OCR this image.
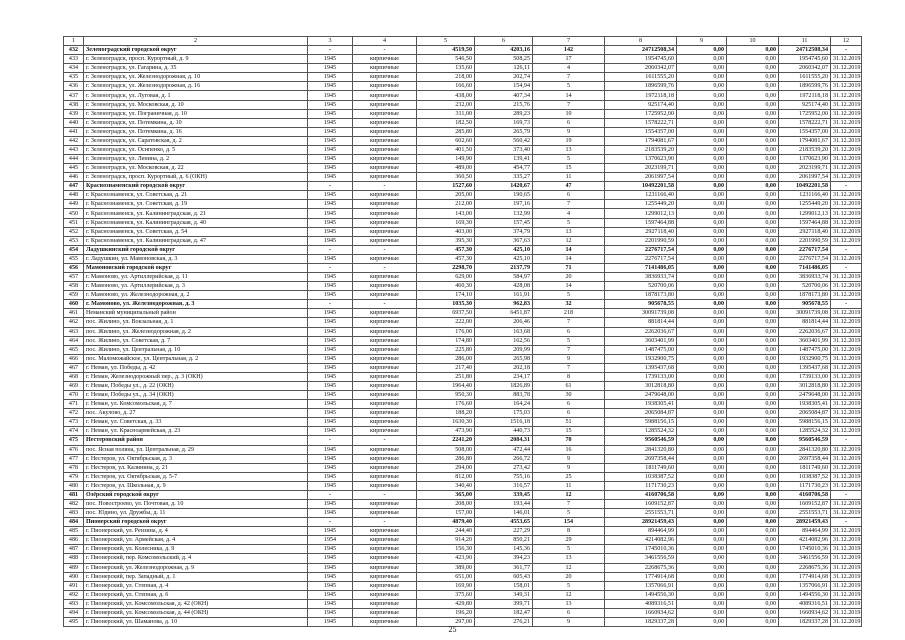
1	2	3	4	5	6	7	8	9	10	11	12
432	Зеленоградский городской округ	-	-	4519,50	4203,16	142	24712508,34	0,00	0,00	24712508,34	-
433	г. Зеленоградск, просп. Курортный, д. 9	1945	кирпичные	546,50	508,25	17	1954745,60	0,00	0,00	1954745,60	31.12.2019
434	г. Зеленоградск, ул. Гагарина, д. 35	1945	кирпичные	135,60	126,11	4	2060342,07	0,00	0,00	2060342,07	31.12.2019
435	г. Зеленоградск, ул. Железнодорожная, д. 10	1945	кирпичные	218,00	202,74	7	1611555,20	0,00	0,00	1611555,20	31.12.2019
436	г. Зеленоградск, ул. Железнодорожная, д. 16	1945	кирпичные	166,60	154,94	5	1896599,76	0,00	0,00	1896599,76	31.12.2019
437	г. Зеленоградск, ул. Луговая, д. 1	1945	кирпичные	438,00	407,34	14	1972118,18	0,00	0,00	1972118,18	31.12.2019
438	г. Зеленоградск, ул. Московская, д. 10	1945	кирпичные	232,00	215,76	7	925174,40	0,00	0,00	925174,40	31.12.2019
439	г. Зеленоградск, ул. Пограничная, д. 10	1945	кирпичные	311,00	289,23	10	1725952,00	0,00	0,00	1725952,00	31.12.2019
440	г. Зеленоградск, ул. Потемкина, д. 10	1945	кирпичные	182,50	169,73	6	1578222,71	0,00	0,00	1578222,71	31.12.2019
441	г. Зеленоградск, ул. Потемкина, д. 16	1945	кирпичные	285,80	265,79	9	1554357,00	0,00	0,00	1554357,00	31.12.2019
442	г. Зеленоградск, ул. Саратовская, д. 2	1945	кирпичные	602,60	560,42	19	1794081,67	0,00	0,00	1794081,67	31.12.2019
443	г. Зеленоградск, ул. Осипенко, д. 5	1945	кирпичные	401,50	373,40	13	2183539,20	0,00	0,00	2183539,20	31.12.2019
444	г. Зеленоградск, ул. Ленина, д. 2	1945	кирпичные	149,90	139,41	5	1370623,90	0,00	0,00	1370623,90	31.12.2019
445	г. Зеленоградск, ул. Московская, д. 22	1945	кирпичные	489,00	454,77	15	2023199,71	0,00	0,00	2023199,71	31.12.2019
446	г. Зеленоградск, просп. Курортный, д. 6 (ОКН)	1945	кирпичные	360,50	335,27	11	2061997,54	0,00	0,00	2061997,54	31.12.2019
447	Краснознаменский городской округ	-	-	1527,60	1420,67	47	10492201,58	0,00	0,00	10492201,58	-
448	г. Краснознаменск, ул. Советская, д. 21	1945	кирпичные	205,00	190,65	6	1231166,40	0,00	0,00	1231166,40	31.12.2019
449	г. Краснознаменск, ул. Советская, д. 19	1945	кирпичные	212,00	197,16	7	1255449,20	0,00	0,00	1255449,20	31.12.2019
450	г. Краснознаменск, ул. Калининградская, д. 21	1945	кирпичные	143,00	132,99	4	1299012,13	0,00	0,00	1299012,13	31.12.2019
451	г. Краснознаменск, ул. Калининградская, д. 40	1945	кирпичные	169,30	157,45	5	1597464,88	0,00	0,00	1597464,88	31.12.2019
452	г. Краснознаменск, ул. Советская, д. 54	1945	кирпичные	403,00	374,79	13	2927118,40	0,00	0,00	2927118,40	31.12.2019
453	г. Краснознаменск, ул. Калининградская, д. 47	1945	кирпичные	395,30	367,63	12	2201990,59	0,00	0,00	2201990,59	31.12.2019
454	Ладушкинский городской округ	-	-	457,30	425,10	14	2276717,54	0,00	0,00	2276717,54	-
455	г. Ладушкин, ул. Мамоновская, д. 3	1945	кирпичные	457,30	425,10	14	2276717,54	0,00	0,00	2276717,54	31.12.2019
456	Мамоновский городской округ	-	-	2298,70	2137,79	71	7141486,05	0,00	0,00	7141486,05	-
457	г. Мамоново, ул. Артиллерийская, д. 11	1945	кирпичные	629,00	584,97	20	3836933,74	0,00	0,00	3836933,74	31.12.2019
458	г. Мамоново, ул. Артиллерийская, д. 3	1945	кирпичные	460,30	428,08	14	520700,06	0,00	0,00	520700,06	31.12.2019
459	г. Мамоново, ул. Железнодорожная, д. 2	1945	кирпичные	174,10	161,91	5	1878173,80	0,00	0,00	1878173,80	31.12.2019
460	г. Мамоново, ул. Железнодорожная, д. 3	-	-	1035,30	962,83	32	905678,55	0,00	0,00	905678,55	-
461	Неманский муниципальный район	1945	кирпичные	6937,50	6451,87	218	30091739,08	0,00	0,00	30091739,08	31.12.2019
462	пос. Жилино, ул. Вокзальная, д. 1	1945	кирпичные	222,00	206,46	7	881814,44	0,00	0,00	881814,44	31.12.2019
463	пос. Жилино, ул. Железнодорожная, д. 2	1945	кирпичные	176,00	163,68	6	2262036,67	0,00	0,00	2262036,67	31.12.2019
464	пос. Жилино, ул. Советская, д. 7	1945	кирпичные	174,80	162,56	5	3603401,99	0,00	0,00	3603401,99	31.12.2019
465	пос. Жилино, ул. Центральная, д. 10	1945	кирпичные	225,80	209,99	7	1487475,00	0,00	0,00	1487475,00	31.12.2019
466	пос. Маломожайское, ул. Центральная, д. 2	1945	кирпичные	286,00	265,98	9	1932900,75	0,00	0,00	1932900,75	31.12.2019
467	г. Неман, ул. Победы, д. 42	1945	кирпичные	217,40	202,18	7	1395437,68	0,00	0,00	1395437,68	31.12.2019
468	г. Неман, Железнодорожный пер., д. 3 (ОКН)	1945	кирпичные	251,80	234,17	8	1739133,00	0,00	0,00	1739133,00	31.12.2019
469	г. Неман, Победы ул., д. 22 (ОКН)	1945	кирпичные	1964,40	1826,89	61	3012818,80	0,00	0,00	3012818,80	31.12.2019
470	г. Неман, Победы ул., д. 34 (ОКН)	1945	кирпичные	950,30	883,78	30	2479648,00	0,00	0,00	2479648,00	31.12.2019
471	г. Неман, ул. Комсомольская, д. 7	1945	кирпичные	176,60	164,24	6	1938305,41	0,00	0,00	1938305,41	31.12.2019
472	пос. Акулово, д. 27	1945	кирпичные	188,20	175,03	6	2065084,87	0,00	0,00	2065084,87	31.12.2019
473	г. Неман, ул. Советская, д. 33	1945	кирпичные	1630,30	1516,18	51	5988156,15	0,00	0,00	5988156,15	31.12.2019
474	г. Неман, ул. Красноармейская, д. 23	1945	кирпичные	473,90	440,73	15	1285524,32	0,00	0,00	1285524,32	31.12.2019
475	Нестеровский район	-	-	2241,20	2084,31	70	9560546,59	0,00	0,00	9560546,59	-
476	пос. Ясная поляна, ул. Центральная, д. 29	1945	кирпичные	508,00	472,44	16	2841320,80	0,00	0,00	2841320,80	31.12.2019
477	г. Нестеров, ул. Октябрьская, д. 3	1945	кирпичные	286,80	266,72	9	2697358,44	0,00	0,00	2697358,44	31.12.2019
478	г. Нестеров, ул. Калинина, д. 21	1945	кирпичные	294,00	273,42	9	1811749,60	0,00	0,00	1811749,60	31.12.2019
479	г. Нестеров, ул. Октябрьская, д. 5-7	1945	кирпичные	812,00	755,16	25	1038387,52	0,00	0,00	1038387,52	31.12.2019
480	г. Нестеров, ул. Школьная, д. 9	1945	кирпичные	340,40	316,57	11	1171730,23	0,00	0,00	1171730,23	31.12.2019
481	Озёрский городской округ	-	-	365,00	339,45	12	4160706,58	0,00	0,00	4160706,58	-
482	пос. Новостроево, ул. Почтовая, д. 10	1945	кирпичные	208,00	193,44	7	1609152,87	0,00	0,00	1609152,87	31.12.2019
483	пос. Юдино, ул. Дружбы, д. 11	1945	кирпичные	157,00	146,01	5	2551553,71	0,00	0,00	2551553,71	31.12.2019
484	Пионерский городской округ	-	-	4879,40	4553,65	154	28921459,43	0,00	0,00	28921459,43	-
485	г. Пионерский, ул. Рензина, д. 4	1945	кирпичные	244,40	227,29	8	894464,99	0,00	0,00	894464,99	31.12.2019
486	г. Пионерский, ул. Армейская, д. 4	1954	кирпичные	914,20	850,21	29	4214082,96	0,00	0,00	4214082,96	31.12.2019
487	г. Пионерский, ул. Колесника, д. 9	1945	кирпичные	156,30	145,36	5	1745010,36	0,00	0,00	1745010,36	31.12.2019
488	г. Пионерский, пер. Комсомольский, д. 4	1945	кирпичные	423,90	394,23	13	3461556,59	0,00	0,00	3461556,59	31.12.2019
489	г. Пионерский, ул. Железнодорожная, д. 9	1945	кирпичные	389,00	361,77	12	2268675,36	0,00	0,00	2268675,36	31.12.2019
490	г. Пионерский, пер. Западный, д. 1	1945	кирпичные	651,00	605,43	20	1774914,68	0,00	0,00	1774914,68	31.12.2019
491	г. Пионерский, ул. Степная, д. 4	1945	кирпичные	169,90	158,01	5	1357066,91	0,00	0,00	1357066,91	31.12.2019
492	г. Пионерский, ул. Степная, д. 6	1945	кирпичные	375,60	349,31	12	1494556,30	0,00	0,00	1494556,30	31.12.2019
493	г. Пионерский, ул. Комсомольская, д. 42 (ОКН)	1945	кирпичные	429,80	399,71	13	4089316,51	0,00	0,00	4089316,51	31.12.2019
494	г. Пионерский, ул. Комсомольская, д. 44 (ОКН)	1945	кирпичные	196,20	182,47	6	1660934,62	0,00	0,00	1660934,62	31.12.2019
495	г. Пионерский, ул. Шаманова, д. 10	1945	кирпичные	297,00	276,21	9	1829337,28	0,00	0,00	1829337,28	31.12.2019
25
